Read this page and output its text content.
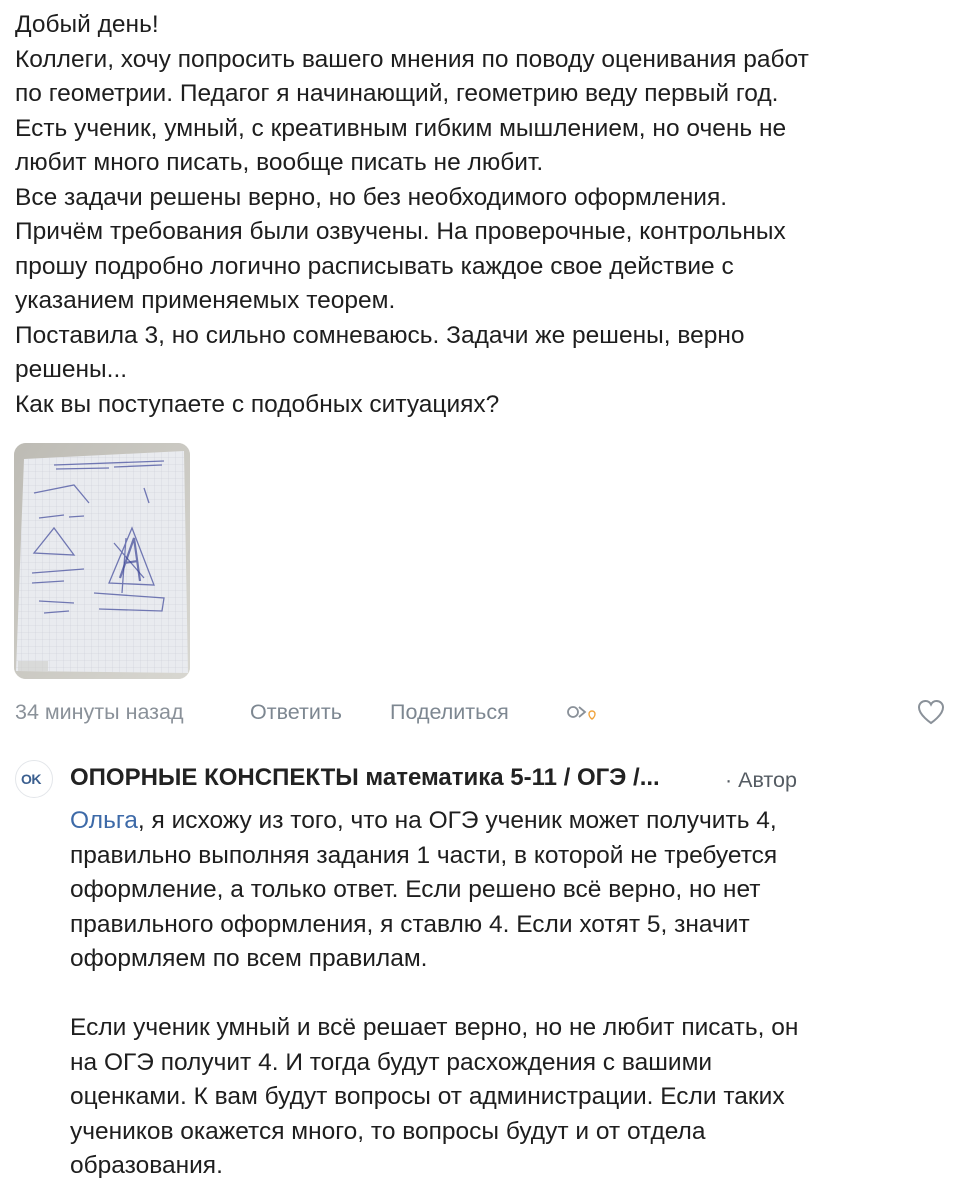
Добый день!

Коллеги, хочу попросить вашего мнения по поводу оценивания работ

по геометрии. Педагог я начинающий, геометрию веду первый год.

Есть ученик, умный, с креативным гибким мышлением, но очень не

любит много писать, вообще писать не любит.

Все задачи решены верно, но без необходимого оформления.

Причём требования были озвучены. На проверочные, контрольных

прошу подробно логично расписывать каждое свое действие с

указанием применяемых теорем.

Поставила 3, но сильно сомневаюсь. Задачи же решены, верно

решены...

Как вы поступаете с подобных ситуациях?

34 минуты назад	Ответить Поделиться
OK ОПОРНЫЕ КОНСПЕКТЫ математика 5-11 / ОГЭ /...	· Автор

Ольга, я исхожу из того, что на ОГЭ ученик может получить 4,

правильно выполняя задания 1 части, в которой не требуется

оформление, а только ответ. Если решено всё верно, но нет

правильного оформления, я ставлю 4. Если хотят 5, значит

оформляем по всем правилам.

Если ученик умный и всё решает верно, но не любит писать, он

на ОГЭ получит 4. И тогда будут расхождения с вашими

оценками. К вам будут вопросы от администрации. Если таких

учеников окажется много, то вопросы будут и от отдела

образования.
